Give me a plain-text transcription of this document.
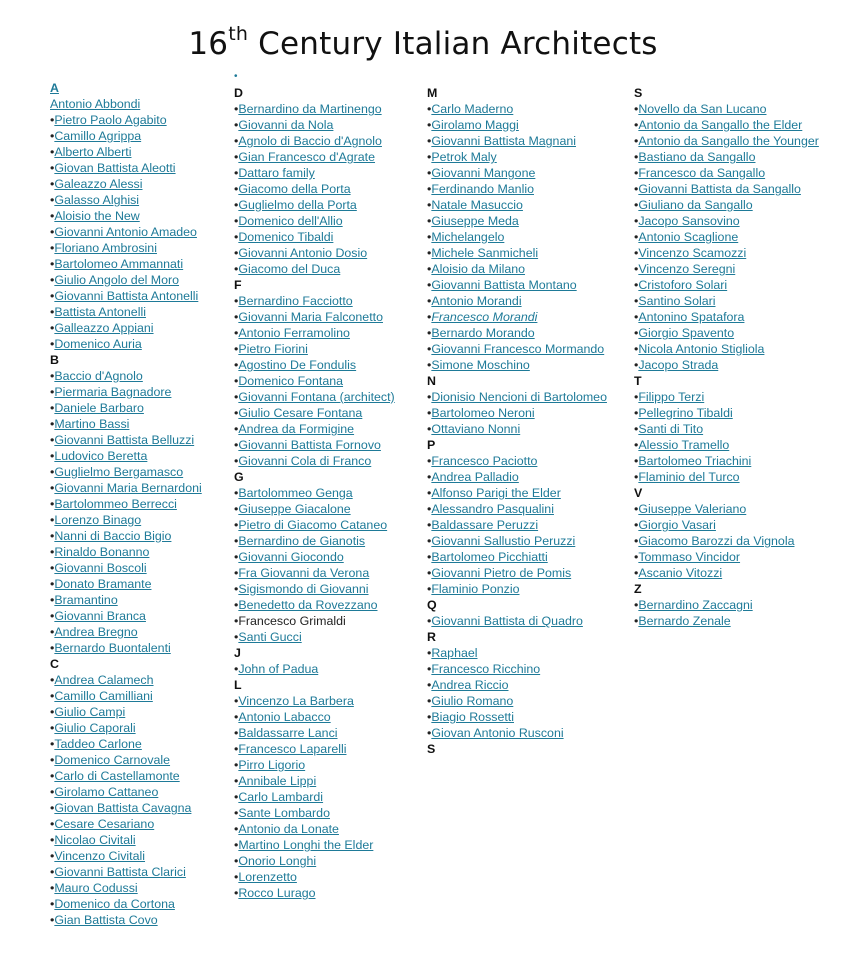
16th Century Italian Architects
A
Antonio Abbondi
•Pietro Paolo Agabito
•Camillo Agrippa
•Alberto Alberti
•Giovan Battista Aleotti
•Galeazzo Alessi
•Galasso Alghisi
•Aloisio the New
•Giovanni Antonio Amadeo
•Floriano Ambrosini
•Bartolomeo Ammannati
•Giulio Angolo del Moro
•Giovanni Battista Antonelli
•Battista Antonelli
•Galleazzo Appiani
•Domenico Auria
B
•Baccio d'Agnolo
•Piermaria Bagnadore
•Daniele Barbaro
•Martino Bassi
•Giovanni Battista Belluzzi
•Ludovico Beretta
•Guglielmo Bergamasco
•Giovanni Maria Bernardoni
•Bartolommeo Berrecci
•Lorenzo Binago
•Nanni di Baccio Bigio
•Rinaldo Bonanno
•Giovanni Boscoli
•Donato Bramante
•Bramantino
•Giovanni Branca
•Andrea Bregno
•Bernardo Buontalenti
C
•Andrea Calamech
•Camillo Camilliani
•Giulio Campi
•Giulio Caporali
•Taddeo Carlone
•Domenico Carnovale
•Carlo di Castellamonte
•Girolamo Cattaneo
•Giovan Battista Cavagna
•Cesare Cesariano
•Nicolao Civitali
•Vincenzo Civitali
•Giovanni Battista Clarici
•Mauro Codussi
•Domenico da Cortona
•Gian Battista Covo
•
D
•Bernardino da Martinengo
•Giovanni da Nola
•Agnolo di Baccio d'Agnolo
•Gian Francesco d'Agrate
•Dattaro family
•Giacomo della Porta
•Guglielmo della Porta
•Domenico dell'Allio
•Domenico Tibaldi
•Giovanni Antonio Dosio
•Giacomo del Duca
F
•Bernardino Facciotto
•Giovanni Maria Falconetto
•Antonio Ferramolino
•Pietro Fiorini
•Agostino De Fondulis
•Domenico Fontana
•Giovanni Fontana (architect)
•Giulio Cesare Fontana
•Andrea da Formigine
•Giovanni Battista Fornovo
•Giovanni Cola di Franco
G
•Bartolommeo Genga
•Giuseppe Giacalone
•Pietro di Giacomo Cataneo
•Bernardino de Gianotis
•Giovanni Giocondo
•Fra Giovanni da Verona
•Sigismondo di Giovanni
•Benedetto da Rovezzano
•Francesco Grimaldi
•Santi Gucci
J
•John of Padua
L
•Vincenzo La Barbera
•Antonio Labacco
•Baldassarre Lanci
•Francesco Laparelli
•Pirro Ligorio
•Annibale Lippi
•Carlo Lambardi
•Sante Lombardo
•Antonio da Lonate
•Martino Longhi the Elder
•Onorio Longhi
•Lorenzetto
•Rocco Lurago
M
•Carlo Maderno
•Girolamo Maggi
•Giovanni Battista Magnani
•Petrok Maly
•Giovanni Mangone
•Ferdinando Manlio
•Natale Masuccio
•Giuseppe Meda
•Michelangelo
•Michele Sanmicheli
•Aloisio da Milano
•Giovanni Battista Montano
•Antonio Morandi
•Francesco Morandi
•Bernardo Morando
•Giovanni Francesco Mormando
•Simone Moschino
N
•Dionisio Nencioni di Bartolomeo
•Bartolomeo Neroni
•Ottaviano Nonni
P
•Francesco Paciotto
•Andrea Palladio
•Alfonso Parigi the Elder
•Alessandro Pasqualini
•Baldassare Peruzzi
•Giovanni Sallustio Peruzzi
•Bartolomeo Picchiatti
•Giovanni Pietro de Pomis
•Flaminio Ponzio
Q
•Giovanni Battista di Quadro
R
•Raphael
•Francesco Ricchino
•Andrea Riccio
•Giulio Romano
•Biagio Rossetti
•Giovan Antonio Rusconi
S
S
•Novello da San Lucano
•Antonio da Sangallo the Elder
•Antonio da Sangallo the Younger
•Bastiano da Sangallo
•Francesco da Sangallo
•Giovanni Battista da Sangallo
•Giuliano da Sangallo
•Jacopo Sansovino
•Antonio Scaglione
•Vincenzo Scamozzi
•Vincenzo Seregni
•Cristoforo Solari
•Santino Solari
•Antonino Spatafora
•Giorgio Spavento
•Nicola Antonio Stigliola
•Jacopo Strada
T
•Filippo Terzi
•Pellegrino Tibaldi
•Santi di Tito
•Alessio Tramello
•Bartolomeo Triachini
•Flaminio del Turco
V
•Giuseppe Valeriano
•Giorgio Vasari
•Giacomo Barozzi da Vignola
•Tommaso Vincidor
•Ascanio Vitozzi
Z
•Bernardino Zaccagni
•Bernardo Zenale
